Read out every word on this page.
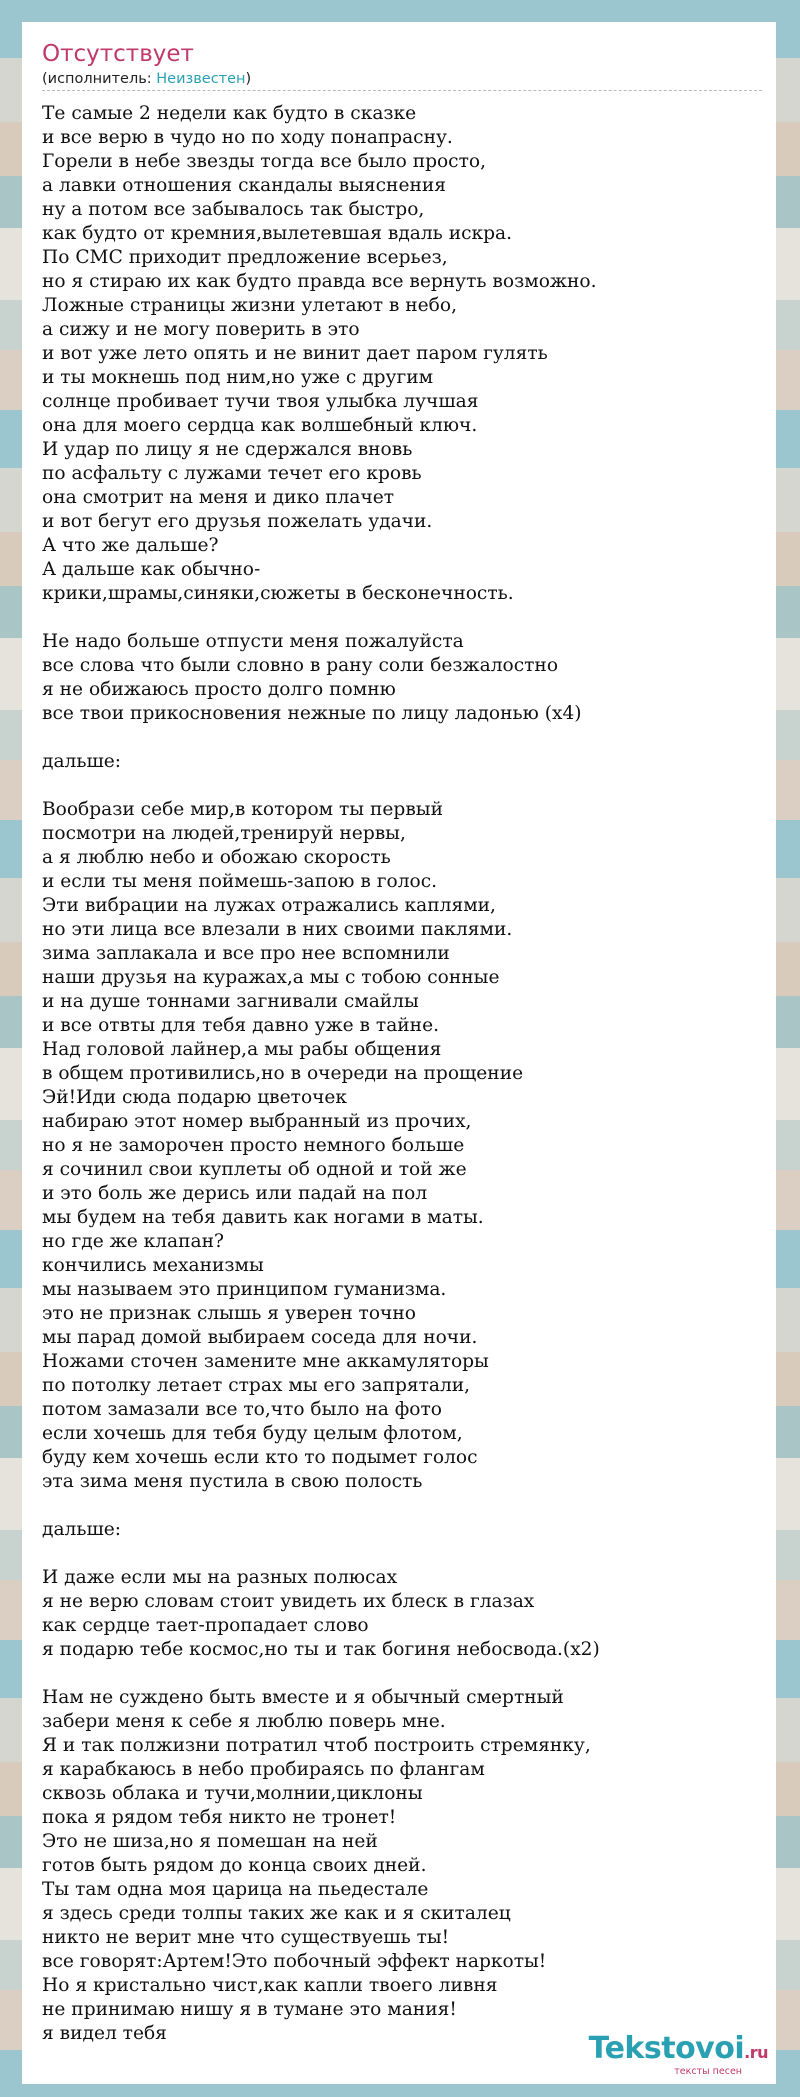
Отсутствует
(исполнитель: Неизвестен)
Те самые 2 недели как будто в сказке
и все верю в чудо но по ходу понапрасну.
Горели в небе звезды тогда все было просто,
а лавки отношения скандалы выяснения
ну а потом все забывалось так быстро,
как будто от кремния,вылетевшая вдаль искра.
По СМС приходит предложение всерьез,
но я стираю их как будто правда все вернуть возможно.
Ложные страницы жизни улетают в небо,
а сижу и не могу поверить в это
и вот уже лето опять и не винит дает паром гулять
и ты мокнешь под ним,но уже с другим
солнце пробивает тучи твоя улыбка лучшая
она для моего сердца как волшебный ключ.
И удар по лицу я не сдержался вновь
по асфальту с лужами течет его кровь
она смотрит на меня и дико плачет
и вот бегут его друзья пожелать удачи.
А что же дальше?
А дальше как обычно-
крики,шрамы,синяки,сюжеты в бесконечность.

Не надо больше отпусти меня пожалуйста
все слова что были словно в рану соли безжалостно
я не обижаюсь просто долго помню
все твои прикосновения нежные по лицу ладонью (x4)

дальше:

Вообрази себе мир,в котором ты первый
посмотри на людей,тренируй нервы,
а я люблю небо и обожаю скорость
и если ты меня поймешь-запою в голос.
Эти вибрации на лужах отражались каплями,
но эти лица все влезали в них своими паклями.
зима заплакала и все про нее вспомнили
наши друзья на куражах,а мы с тобою сонные
и на душе тоннами загнивали смайлы
и все отвты для тебя давно уже в тайне.
Над головой лайнер,а мы рабы общения
в общем противились,но в очереди на прощение
Эй!Иди сюда подарю цветочек
набираю этот номер выбранный из прочих,
но я не заморочен просто немного больше
я сочинил свои куплеты об одной и той же
и это боль же дерись или падай на пол
мы будем на тебя давить как ногами в маты.
но где же клапан?
кончились механизмы
мы называем это принципом гуманизма.
это не признак слышь я уверен точно
мы парад домой выбираем соседа для ночи.
Ножами сточен замените мне аккамуляторы
по потолку летает страх мы его запрятали,
потом замазали все то,что было на фото
если хочешь для тебя буду целым флотом,
буду кем хочешь если кто то подымет голос
эта зима меня пустила в свою полость

дальше:

И даже если мы на разных полюсах
я не верю словам стоит увидеть их блеск в глазах
как сердце тает-пропадает слово
я подарю тебе космос,но ты и так богиня небосвода.(x2)

Нам не суждено быть вместе и я обычный смертный
забери меня к себе я люблю поверь мне.
Я и так полжизни потратил чтоб построить стремянку,
я карабкаюсь в небо пробираясь по флангам
сквозь облака и тучи,молнии,циклоны
пока я рядом тебя никто не тронет!
Это не шиза,но я помешан на ней
готов быть рядом до конца своих дней.
Ты там одна моя царица на пьедестале
я здесь среди толпы таких же как и я скиталец
никто не верит мне что существуешь ты!
все говорят:Артем!Это побочный эффект наркоты!
Но я кристально чист,как капли твоего ливня
не принимаю нишу я в тумане это мания!
я видел тебя	Tekstovoi.ru
тексты песен
